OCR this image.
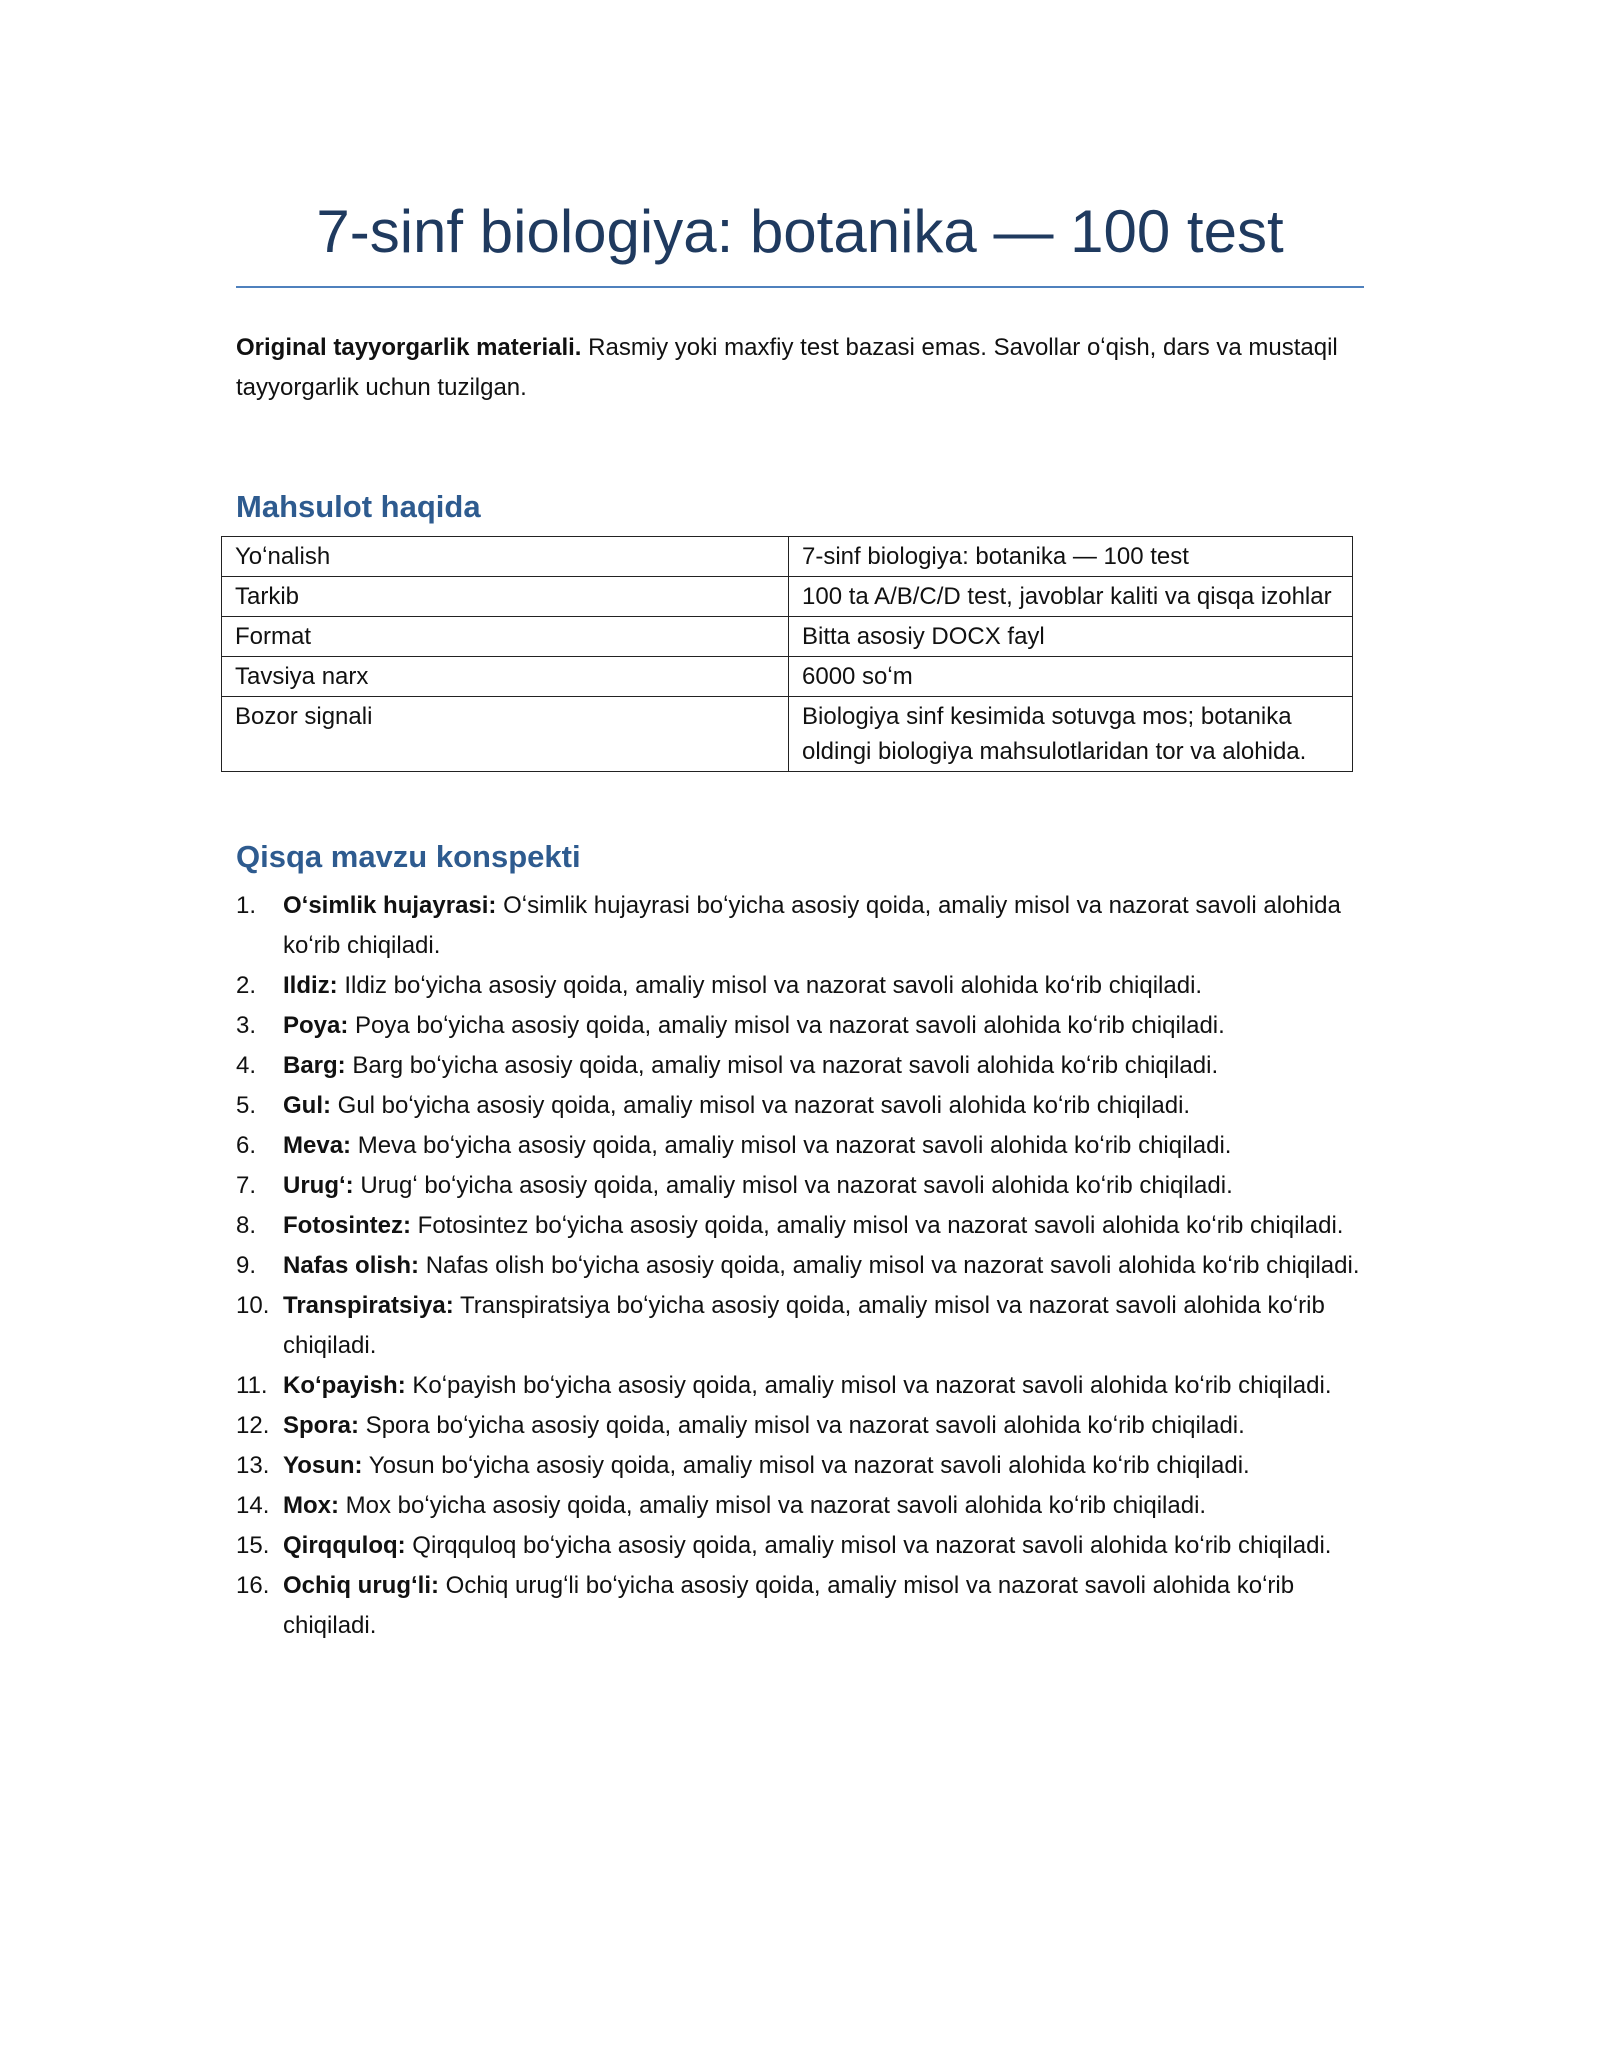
7-sinf biologiya: botanika — 100 test

Original tayyorgarlik materiali. Rasmiy yoki maxfiy test bazasi emas. Savollar oʻqish, dars va mustaqil tayyorgarlik uchun tuzilgan.

Mahsulot haqida
Yoʻnalish	7-sinf biologiya: botanika — 100 test
Tarkib	100 ta A/B/C/D test, javoblar kaliti va qisqa izohlar
Format	Bitta asosiy DOCX fayl
Tavsiya narx	6000 soʻm
Bozor signali	Biologiya sinf kesimida sotuvga mos; botanika oldingi biologiya mahsulotlaridan tor va alohida.
Qisqa mavzu konspekti
1. Oʻsimlik hujayrasi: Oʻsimlik hujayrasi boʻyicha asosiy qoida, amaliy misol va nazorat savoli alohida koʻrib chiqiladi.
2. Ildiz: Ildiz boʻyicha asosiy qoida, amaliy misol va nazorat savoli alohida koʻrib chiqiladi.
3. Poya: Poya boʻyicha asosiy qoida, amaliy misol va nazorat savoli alohida koʻrib chiqiladi.
4. Barg: Barg boʻyicha asosiy qoida, amaliy misol va nazorat savoli alohida koʻrib chiqiladi.
5. Gul: Gul boʻyicha asosiy qoida, amaliy misol va nazorat savoli alohida koʻrib chiqiladi.
6. Meva: Meva boʻyicha asosiy qoida, amaliy misol va nazorat savoli alohida koʻrib chiqiladi.
7. Urugʻ: Urugʻ boʻyicha asosiy qoida, amaliy misol va nazorat savoli alohida koʻrib chiqiladi.
8. Fotosintez: Fotosintez boʻyicha asosiy qoida, amaliy misol va nazorat savoli alohida koʻrib chiqiladi.
9. Nafas olish: Nafas olish boʻyicha asosiy qoida, amaliy misol va nazorat savoli alohida koʻrib chiqiladi.
10. Transpiratsiya: Transpiratsiya boʻyicha asosiy qoida, amaliy misol va nazorat savoli alohida koʻrib chiqiladi.
11. Koʻpayish: Koʻpayish boʻyicha asosiy qoida, amaliy misol va nazorat savoli alohida koʻrib chiqiladi.
12. Spora: Spora boʻyicha asosiy qoida, amaliy misol va nazorat savoli alohida koʻrib chiqiladi.
13. Yosun: Yosun boʻyicha asosiy qoida, amaliy misol va nazorat savoli alohida koʻrib chiqiladi.
14. Mox: Mox boʻyicha asosiy qoida, amaliy misol va nazorat savoli alohida koʻrib chiqiladi.
15. Qirqquloq: Qirqquloq boʻyicha asosiy qoida, amaliy misol va nazorat savoli alohida koʻrib chiqiladi.
16. Ochiq urugʻli: Ochiq urugʻli boʻyicha asosiy qoida, amaliy misol va nazorat savoli alohida koʻrib chiqiladi.
